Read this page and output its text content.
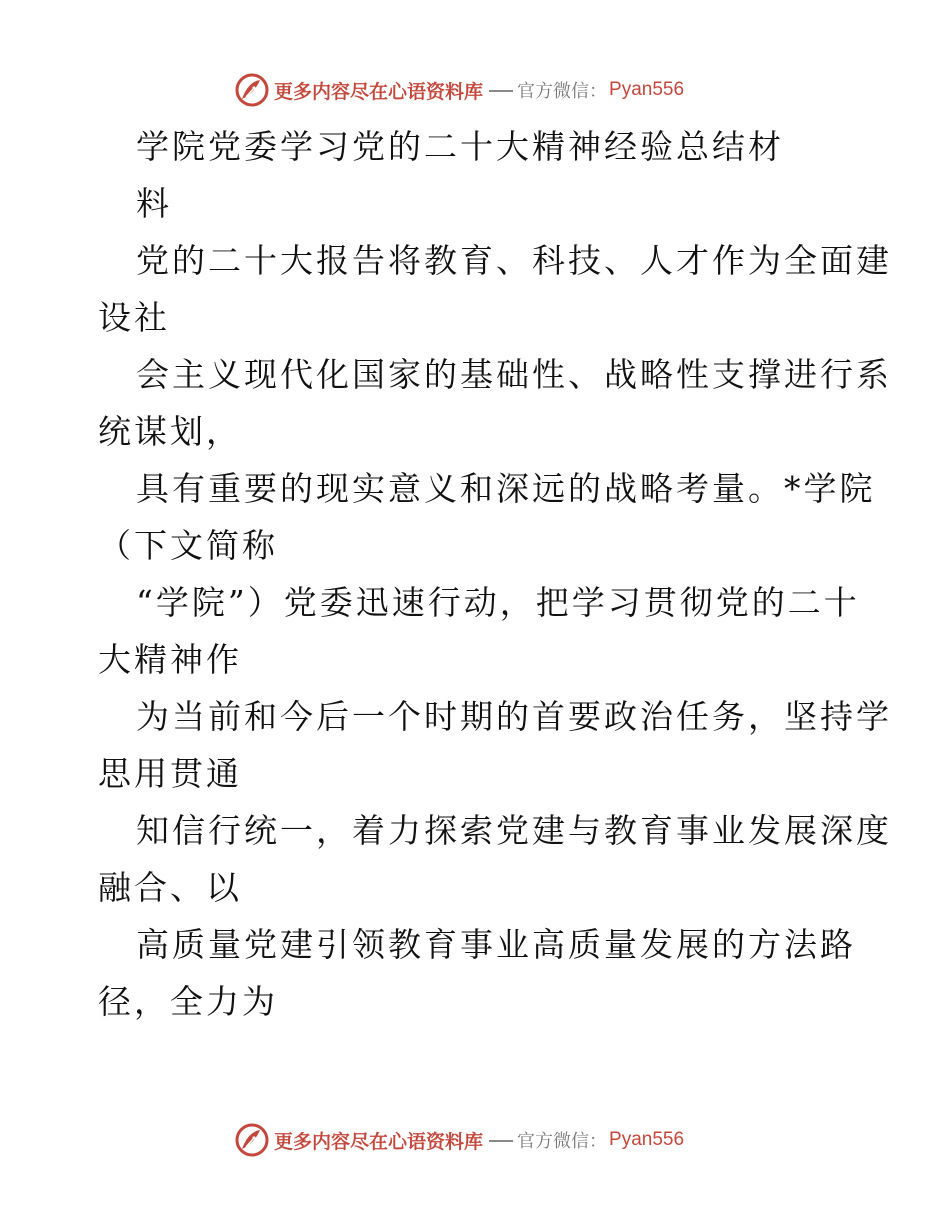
更多内容尽在心语资料库 官方微信： Pyan556
学院党委学习党的二十大精神经验总结材
料
党的二十大报告将教育、科技、人才作为全面建
设社
会主义现代化国家的基础性、战略性支撑进行系
统谋划，
具有重要的现实意义和深远的战略考量。*学院
（下文简称
“学院”）党委迅速行动，把学习贯彻党的二十
大精神作
为当前和今后一个时期的首要政治任务，坚持学
思用贯通
知信行统一，着力探索党建与教育事业发展深度
融合、以
高质量党建引领教育事业高质量发展的方法路
径，全力为
更多内容尽在心语资料库 官方微信： Pyan556
